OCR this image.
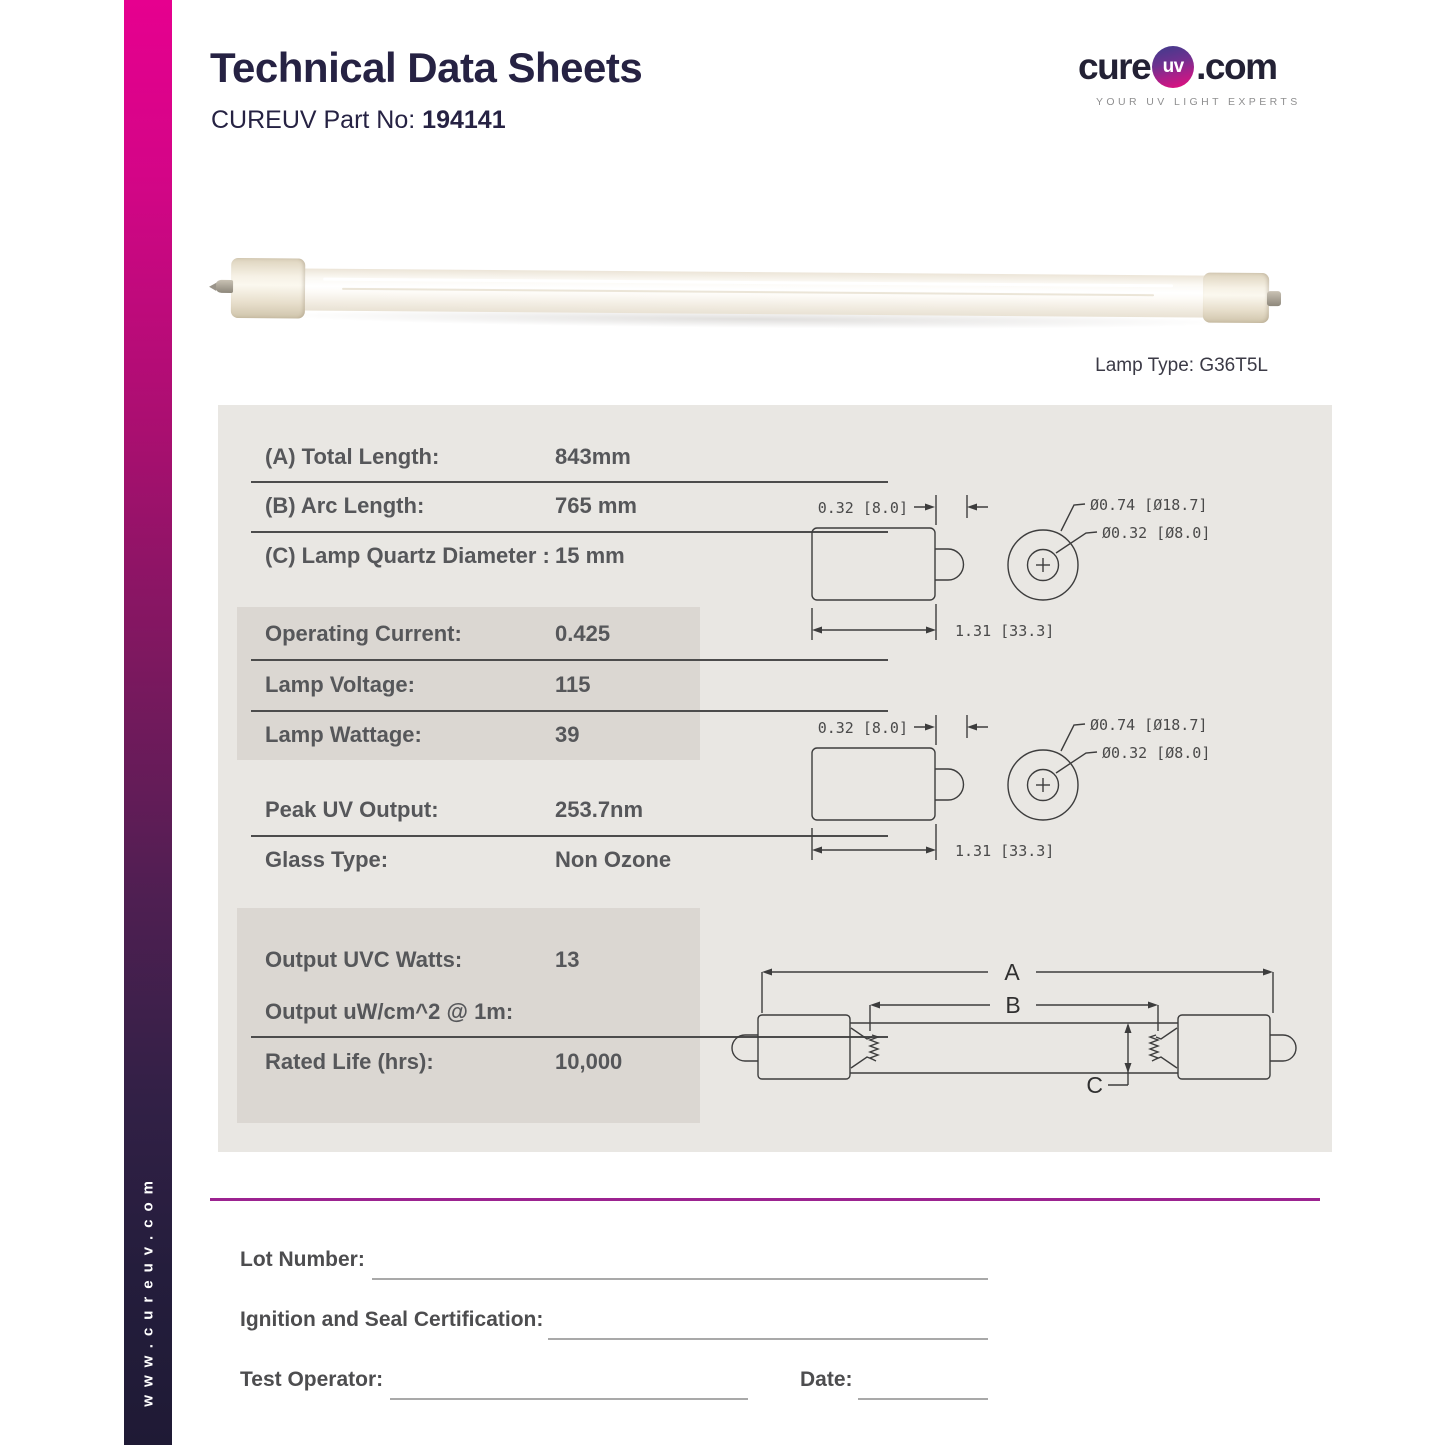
www.cureuv.com
Technical Data Sheets
CUREUV Part No: 194141
cure uv .com
YOUR UV LIGHT EXPERTS
Lamp Type: G36T5L
(A) Total Length:	843mm
(B) Arc Length:	765 mm
(C) Lamp Quartz Diameter : 15 mm
Operating Current:	0.425
Lamp Voltage:	115
Lamp Wattage:	39
Peak UV Output:	253.7nm
Glass Type:	Non Ozone
Output UVC Watts:	13
Output uW/cm^2 @ 1m:
Rated Life (hrs):	10,000
0.32 [8.0]
1.31 [33.3]
Ø0.74 [Ø18.7]
Ø0.32 [Ø8.0]
0.32 [8.0]
1.31 [33.3]
Ø0.74 [Ø18.7]
Ø0.32 [Ø8.0]
A
B
C
Lot Number:
Ignition and Seal Certification:
Test Operator:	Date:
